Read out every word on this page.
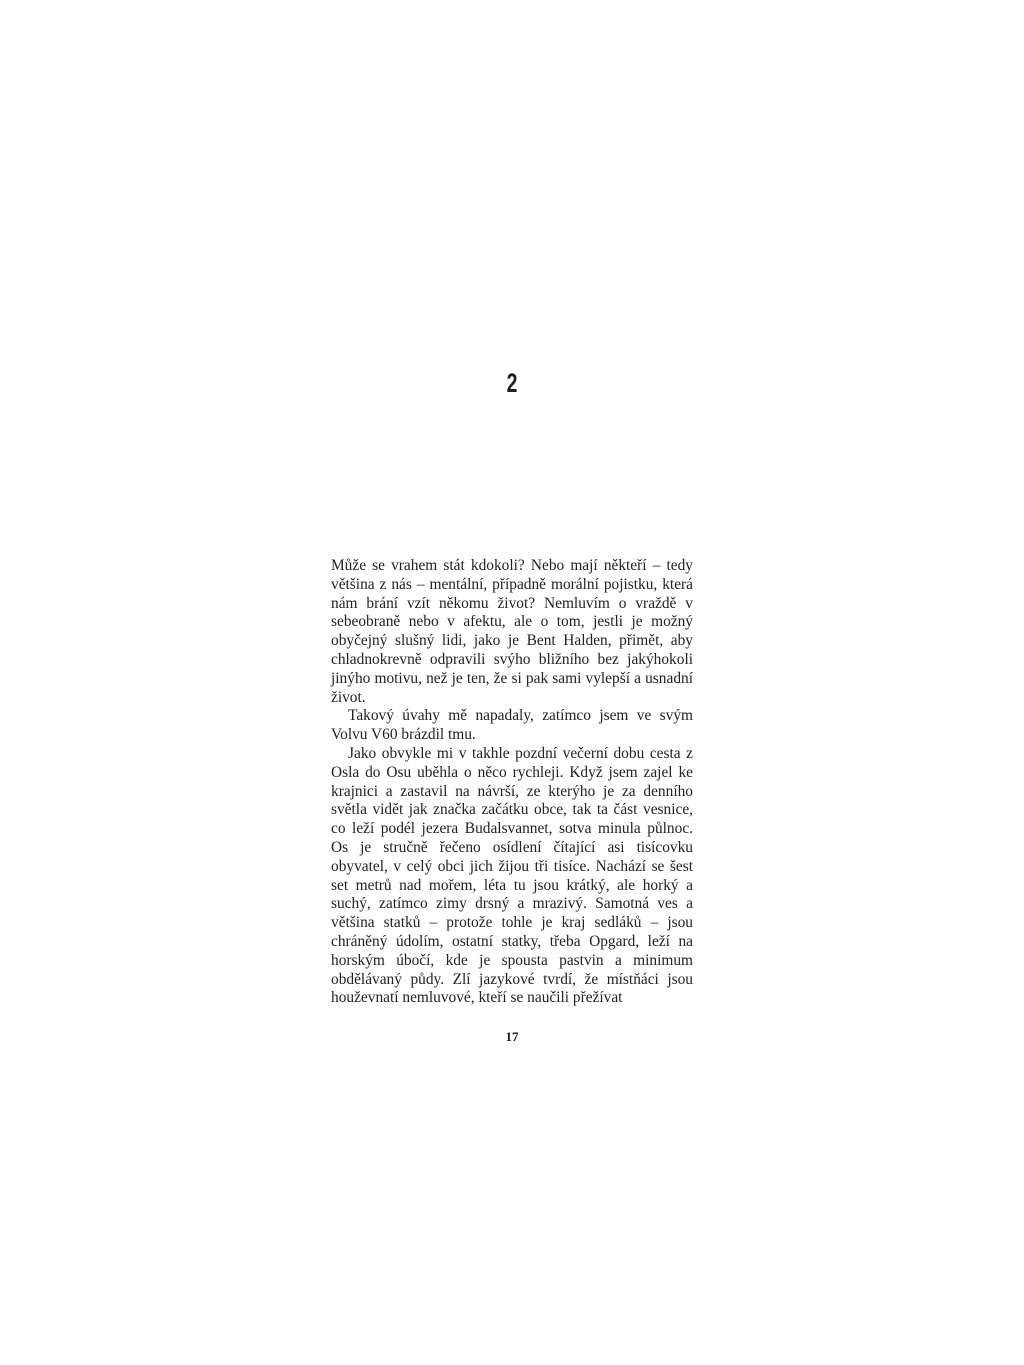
2

Může se vrahem stát kdokoli? Nebo mají někteří – tedy většina z nás – mentální, případně morální pojistku, která nám brání vzít někomu život? Nemluvím o vraždě v sebeobraně nebo v afektu, ale o tom, jestli je možný obyčejný slušný lidi, jako je Bent Halden, přimět, aby chladnokrevně odpravili svýho bližního bez jakýhokoli jinýho motivu, než je ten, že si pak sami vylepší a usnadní život.

Takový úvahy mě napadaly, zatímco jsem ve svým Volvu V60 brázdil tmu.

Jako obvykle mi v takhle pozdní večerní dobu cesta z Osla do Osu uběhla o něco rychleji. Když jsem zajel ke krajnici a zastavil na návrší, ze kterýho je za denního světla vidět jak značka začátku obce, tak ta část vesnice, co leží podél jezera Budalsvannet, sotva minula půlnoc. Os je stručně řečeno osídlení čítající asi tisícovku obyvatel, v celý obci jich žijou tři tisíce. Nachází se šest set metrů nad mořem, léta tu jsou krátký, ale horký a suchý, zatímco zimy drsný a mrazivý. Samotná ves a většina statků – protože tohle je kraj sedláků – jsou chráněný údolím, ostatní statky, třeba Opgard, leží na horským úbočí, kde je spousta pastvin a minimum obdělávaný půdy. Zlí jazykové tvrdí, že místňáci jsou houževnatí nemluvové, kteří se naučili přežívat

17
